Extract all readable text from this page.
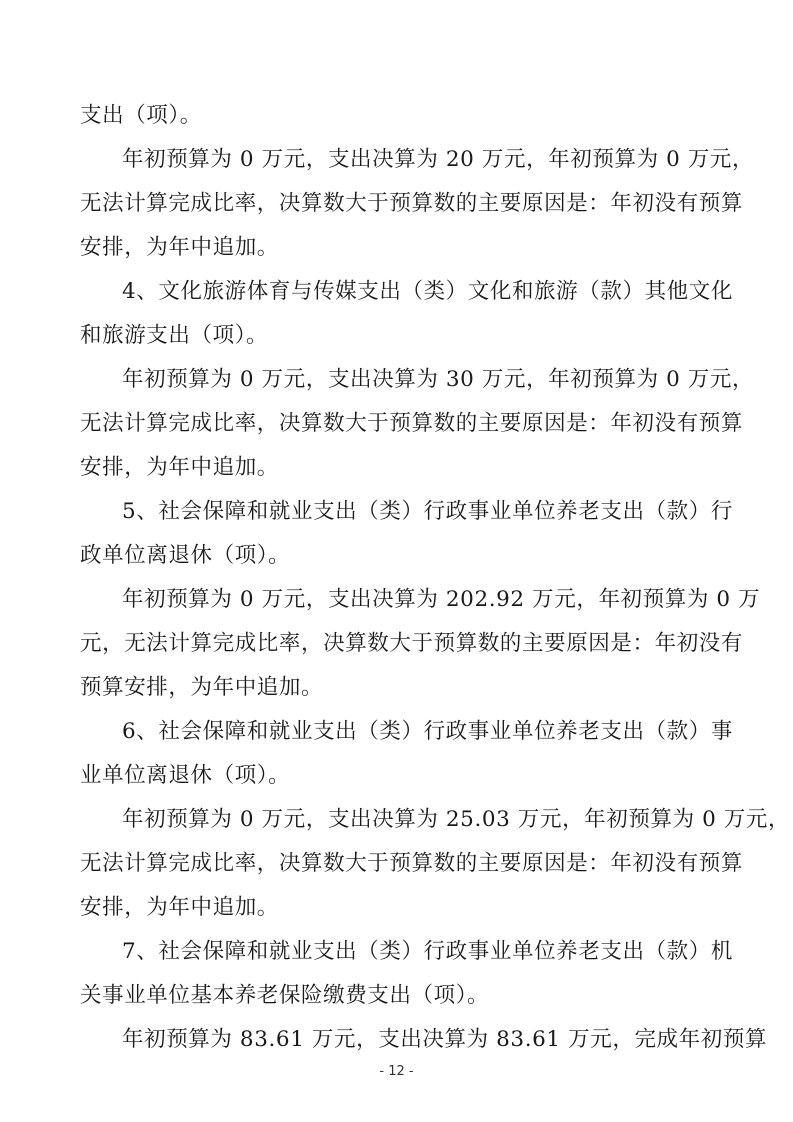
支出（项）。
年初预算为 0 万元，支出决算为 20 万元，年初预算为 0 万元，
无法计算完成比率，决算数大于预算数的主要原因是：年初没有预算
安排，为年中追加。
4、文化旅游体育与传媒支出（类）文化和旅游（款）其他文化
和旅游支出（项）。
年初预算为 0 万元，支出决算为 30 万元，年初预算为 0 万元，
无法计算完成比率，决算数大于预算数的主要原因是：年初没有预算
安排，为年中追加。
5、社会保障和就业支出（类）行政事业单位养老支出（款）行
政单位离退休（项）。
年初预算为 0 万元，支出决算为 202.92 万元，年初预算为 0 万
元，无法计算完成比率，决算数大于预算数的主要原因是：年初没有
预算安排，为年中追加。
6、社会保障和就业支出（类）行政事业单位养老支出（款）事
业单位离退休（项）。
年初预算为 0 万元，支出决算为 25.03 万元，年初预算为 0 万元，
无法计算完成比率，决算数大于预算数的主要原因是：年初没有预算
安排，为年中追加。
7、社会保障和就业支出（类）行政事业单位养老支出（款）机
关事业单位基本养老保险缴费支出（项）。
年初预算为 83.61 万元，支出决算为 83.61 万元，完成年初预算
- 12 -
